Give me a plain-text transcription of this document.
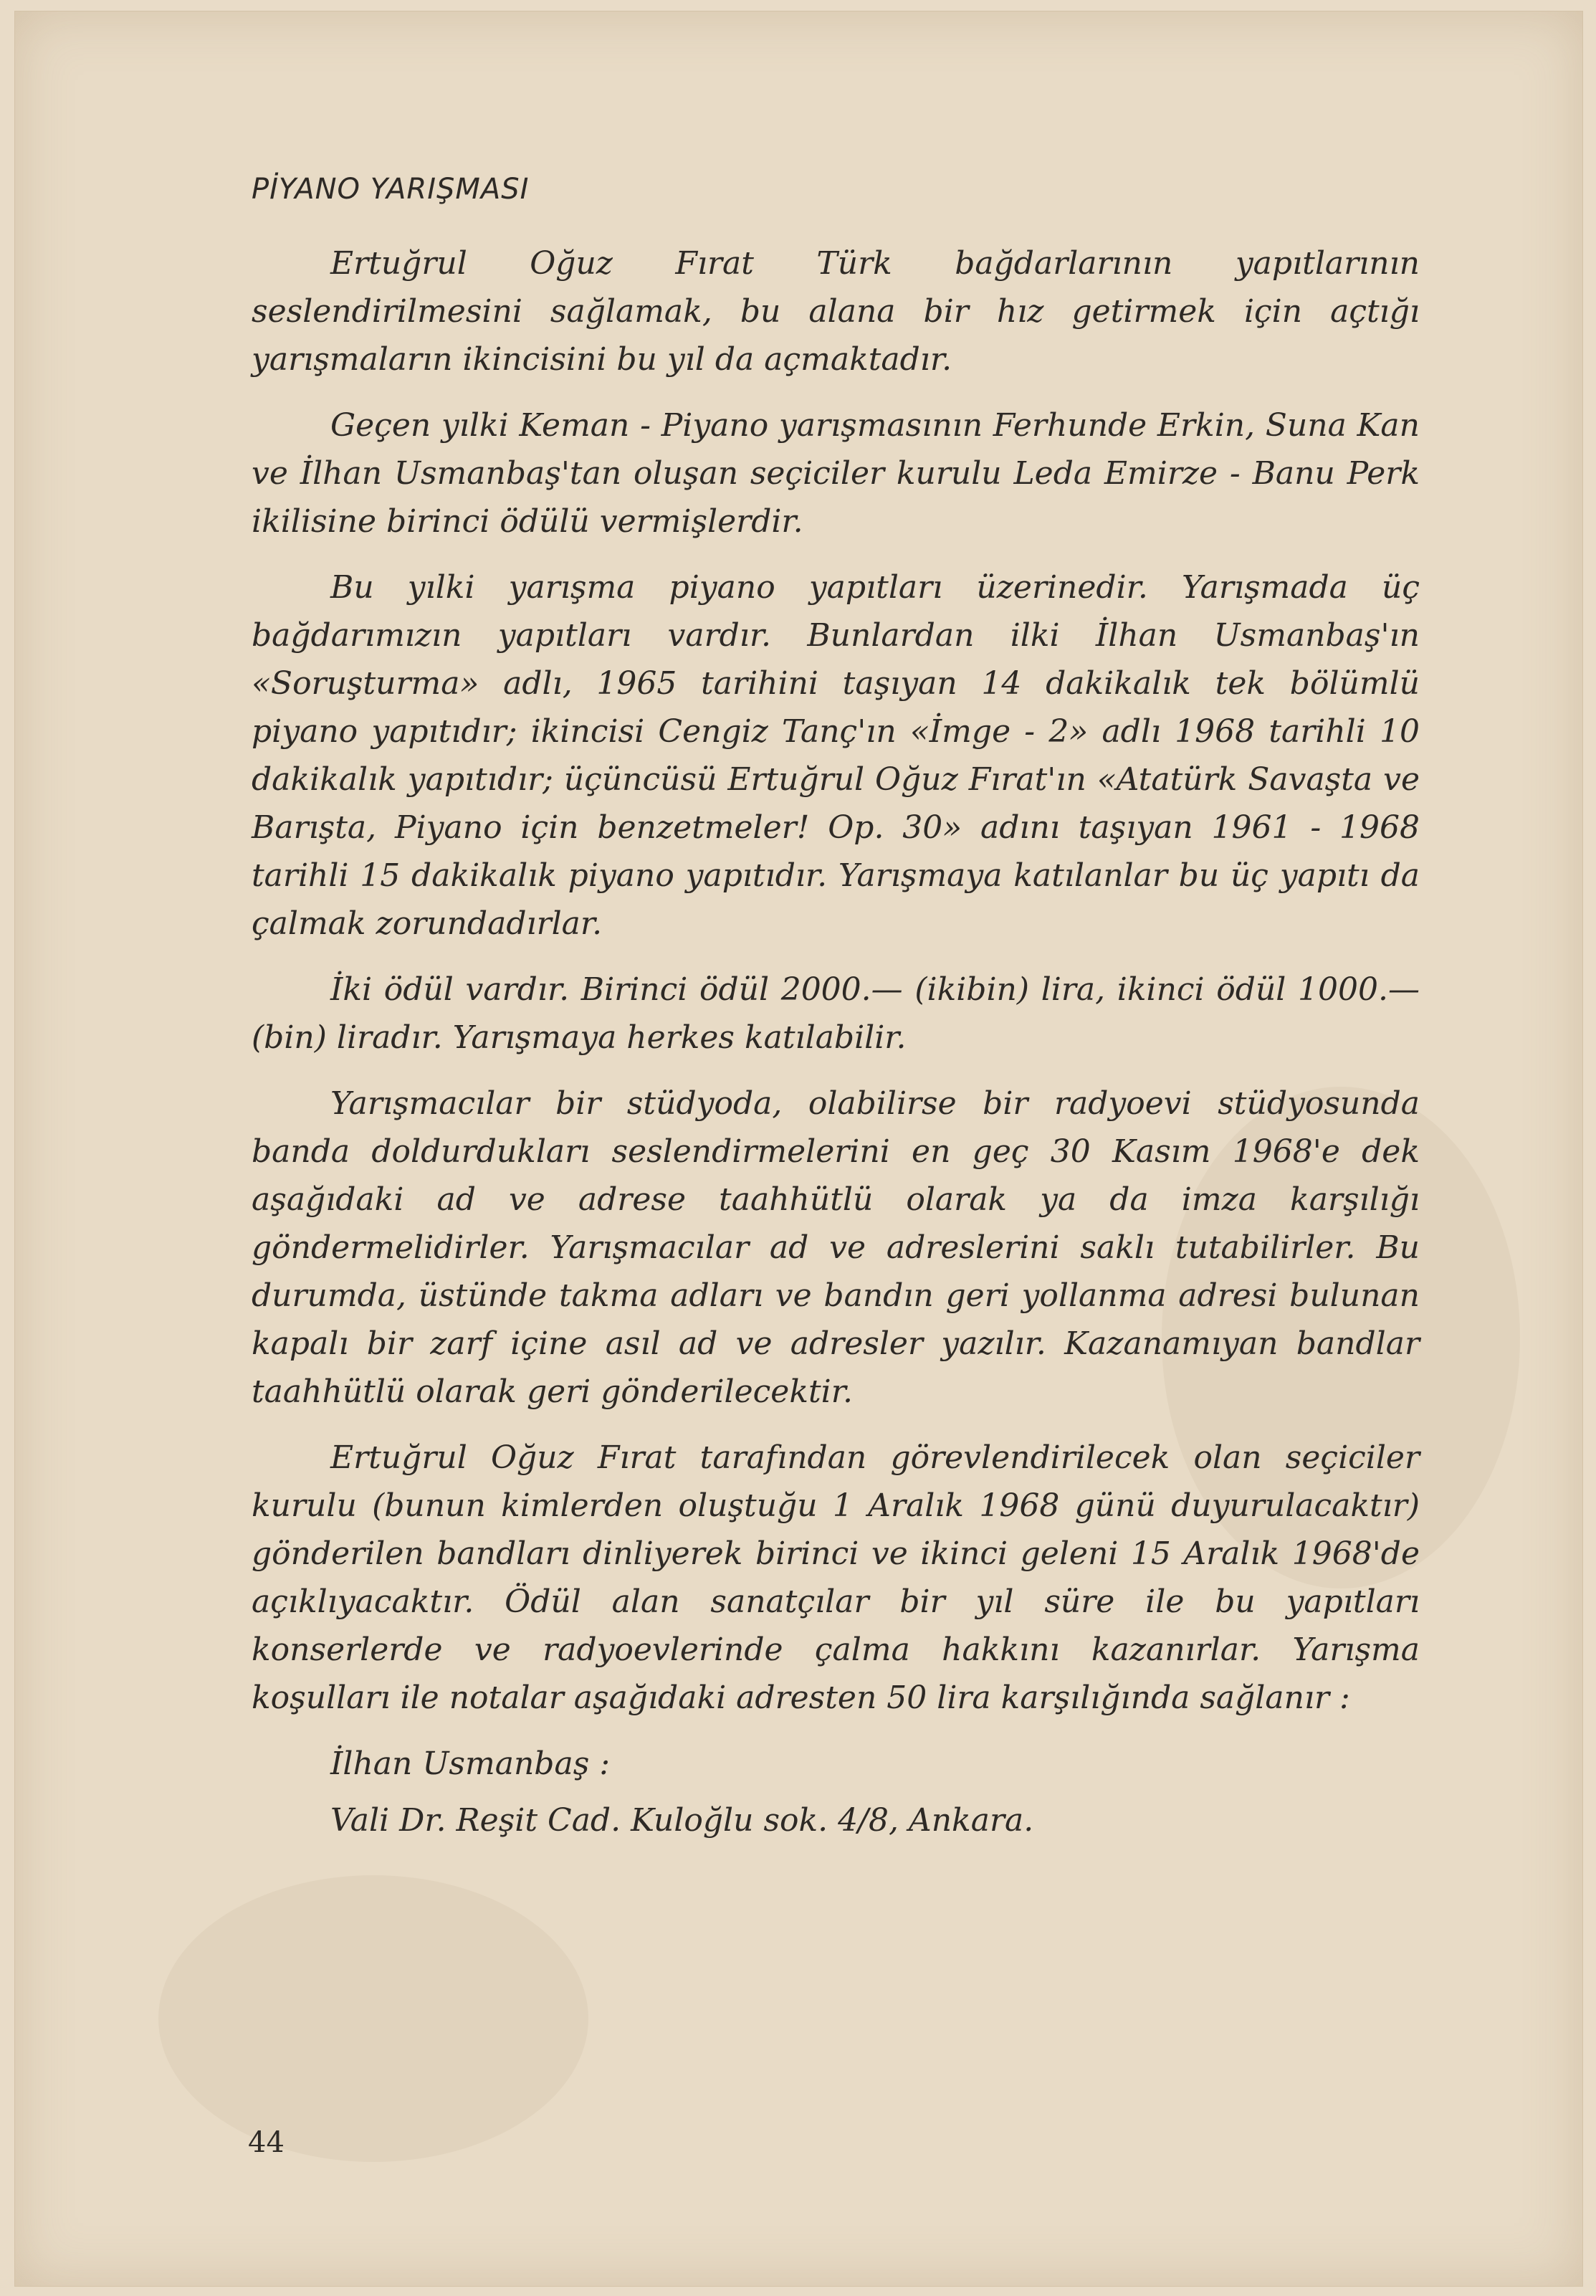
PİYANO YARIŞMASI

Ertuğrul Oğuz Fırat Türk bağdarlarının yapıtlarının seslendirilmesini sağlamak, bu alana bir hız getirmek için açtığı yarışmaların ikincisini bu yıl da açmaktadır.

Geçen yılki Keman - Piyano yarışmasının Ferhunde Erkin, Suna Kan ve İlhan Usmanbaş'tan oluşan seçiciler kurulu Leda Emirze - Banu Perk ikilisine birinci ödülü vermişlerdir.

Bu yılki yarışma piyano yapıtları üzerinedir. Yarışmada üç bağdarımızın yapıtları vardır. Bunlardan ilki İlhan Usmanbaş'ın «Soruşturma» adlı, 1965 tarihini taşıyan 14 dakikalık tek bölümlü piyano yapıtıdır; ikincisi Cengiz Tanç'ın «İmge - 2» adlı 1968 tarihli 10 dakikalık yapıtıdır; üçüncüsü Ertuğrul Oğuz Fırat'ın «Atatürk Savaşta ve Barışta, Piyano için benzetmeler! Op. 30» adını taşıyan 1961 - 1968 tarihli 15 dakikalık piyano yapıtıdır. Yarışmaya katılanlar bu üç yapıtı da çalmak zorundadırlar.

İki ödül vardır. Birinci ödül 2000.— (ikibin) lira, ikinci ödül 1000.— (bin) liradır. Yarışmaya herkes katılabilir.

Yarışmacılar bir stüdyoda, olabilirse bir radyoevi stüdyosunda banda doldurdukları seslendirmelerini en geç 30 Kasım 1968'e dek aşağıdaki ad ve adrese taahhütlü olarak ya da imza karşılığı göndermelidirler. Yarışmacılar ad ve adreslerini saklı tutabilirler. Bu durumda, üstünde takma adları ve bandın geri yollanma adresi bulunan kapalı bir zarf içine asıl ad ve adresler yazılır. Kazanamıyan bandlar taahhütlü olarak geri gönderilecektir.

Ertuğrul Oğuz Fırat tarafından görevlendirilecek olan seçiciler kurulu (bunun kimlerden oluştuğu 1 Aralık 1968 günü duyurulacaktır) gönderilen bandları dinliyerek birinci ve ikinci geleni 15 Aralık 1968'de açıklıyacaktır. Ödül alan sanatçılar bir yıl süre ile bu yapıtları konserlerde ve radyoevlerinde çalma hakkını kazanırlar. Yarışma koşulları ile notalar aşağıdaki adresten 50 lira karşılığında sağlanır :

İlhan Usmanbaş :

Vali Dr. Reşit Cad. Kuloğlu sok. 4/8, Ankara.

44
